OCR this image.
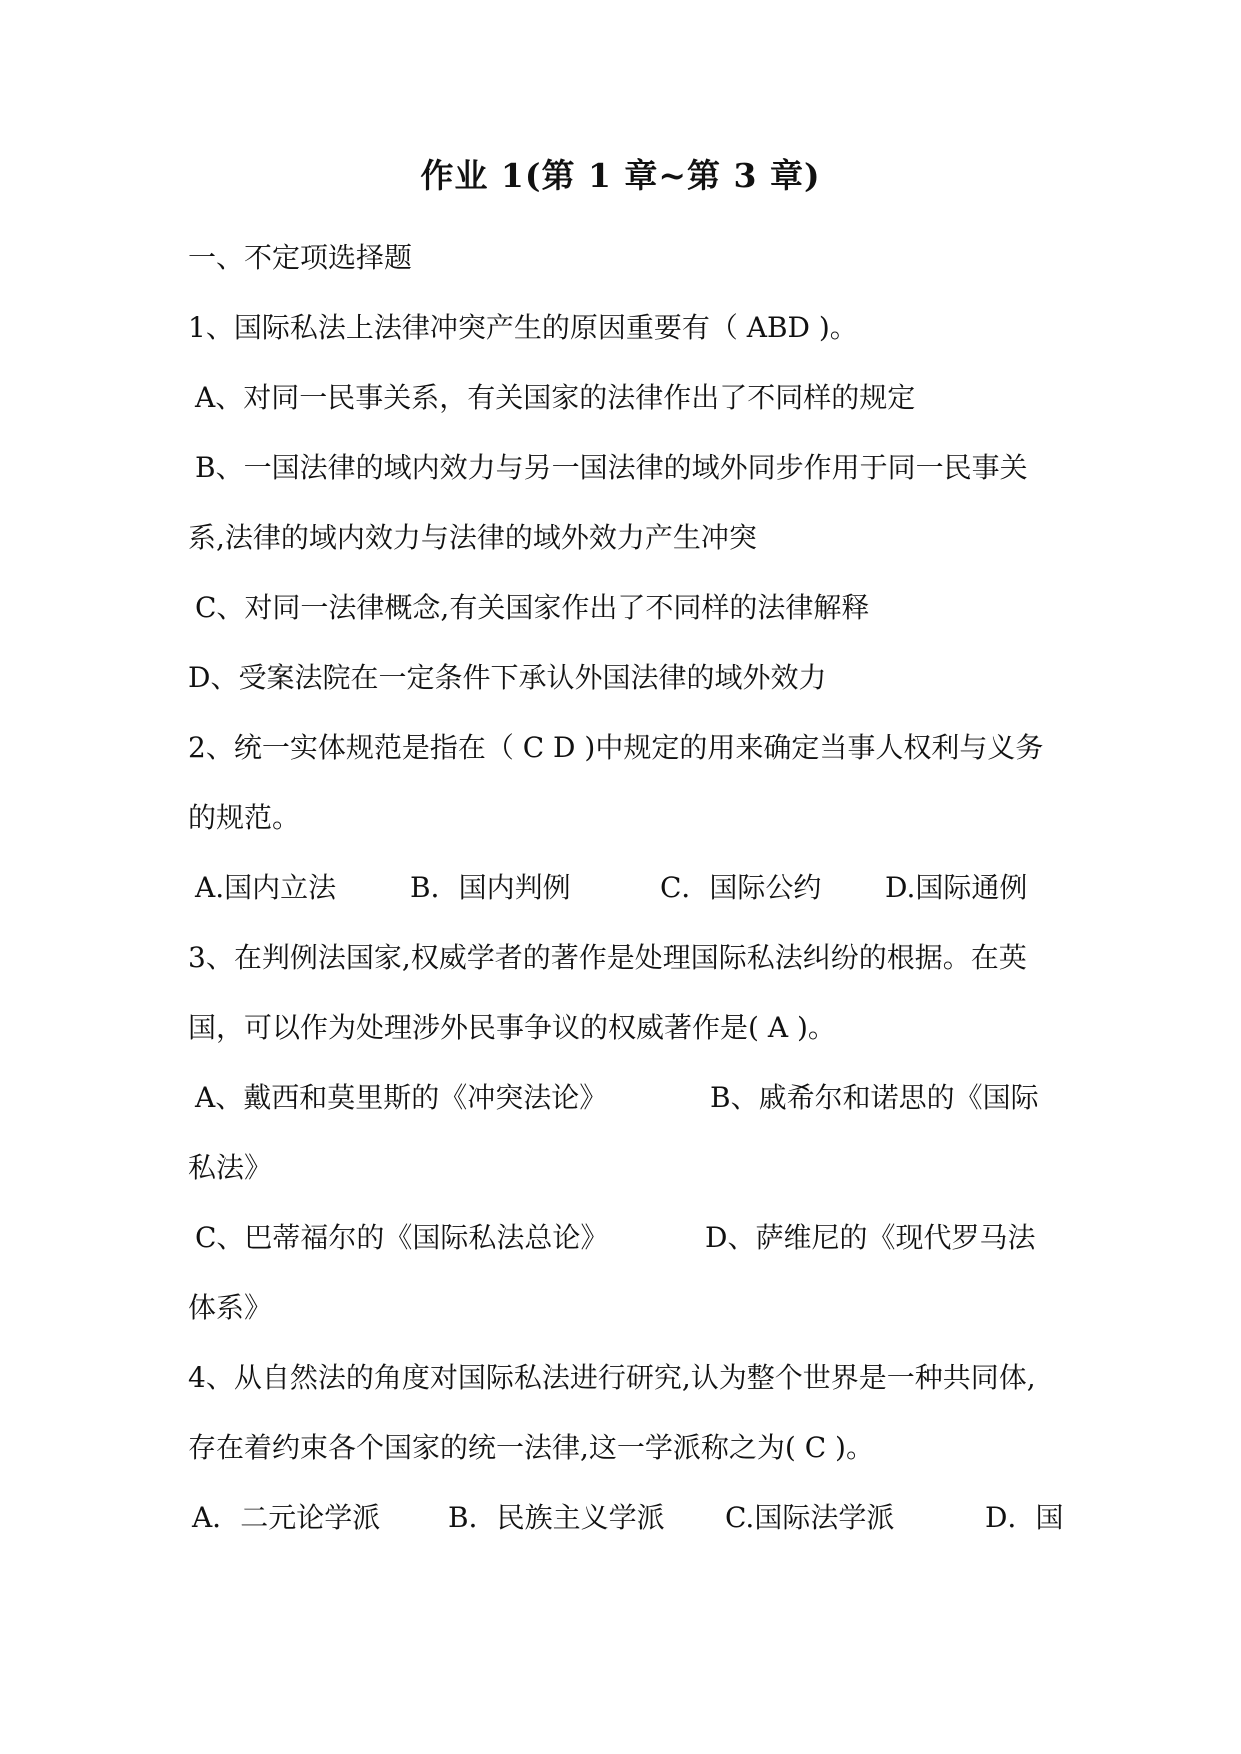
作业 1(第 1 章~第 3 章)
一、不定项选择题
1、国际私法上法律冲突产生的原因重要有（ ABD )。
A、对同一民事关系，有关国家的法律作出了不同样的规定
B、一国法律的域内效力与另一国法律的域外同步作用于同一民事关
系,法律的域内效力与法律的域外效力产生冲突
C、对同一法律概念,有关国家作出了不同样的法律解释
D、受案法院在一定条件下承认外国法律的域外效力
2、统一实体规范是指在（ C D )中规定的用来确定当事人权利与义务
的规范。
A.国内立法	B．国内判例	C．国际公约 D.国际通例
3、在判例法国家,权威学者的著作是处理国际私法纠纷的根据。在英
国，可以作为处理涉外民事争议的权威著作是( A )。
A、戴西和莫里斯的《冲突法论》	B、戚希尔和诺思的《国际
私法》
C、巴蒂福尔的《国际私法总论》	D、萨维尼的《现代罗马法
体系》
4、从自然法的角度对国际私法进行研究,认为整个世界是一种共同体,
存在着约束各个国家的统一法律,这一学派称之为( C )。
A．二元论学派 B．民族主义学派 C.国际法学派	D．国
